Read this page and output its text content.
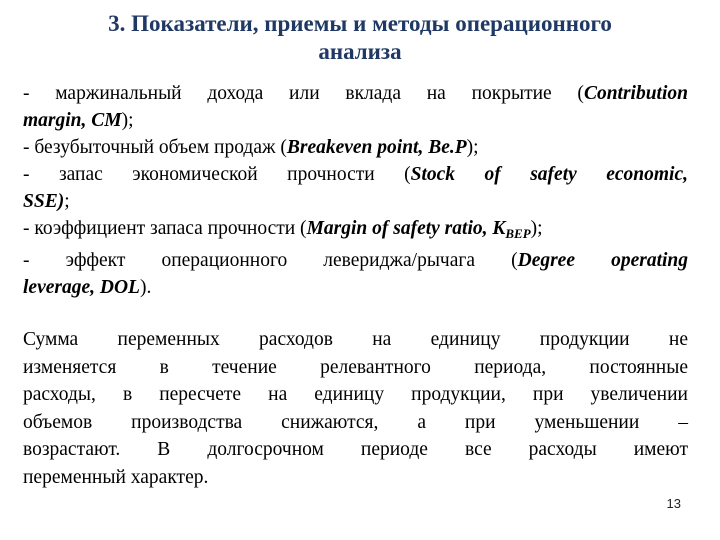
3. Показатели, приемы и методы операционного
анализа

- маржинальный дохода или вклада на покрытие (Contribution

margin, CM);

- безубыточный объем продаж (Breakeven point, Be.P);

- запас экономической прочности (Stock of safety economic,

SSE);

- коэффициент запаса прочности (Margin of safety ratio, $K_{BEP}$);

- эффект операционного левериджа/рычага (Degree operating

leverage, DOL).

Сумма переменных расходов на единицу продукции не

изменяется в течение релевантного периода, постоянные

расходы, в пересчете на единицу продукции, при увеличении

объемов производства снижаются, а при уменьшении –

возрастают. В долгосрочном периоде все расходы имеют

переменный характер.

13
